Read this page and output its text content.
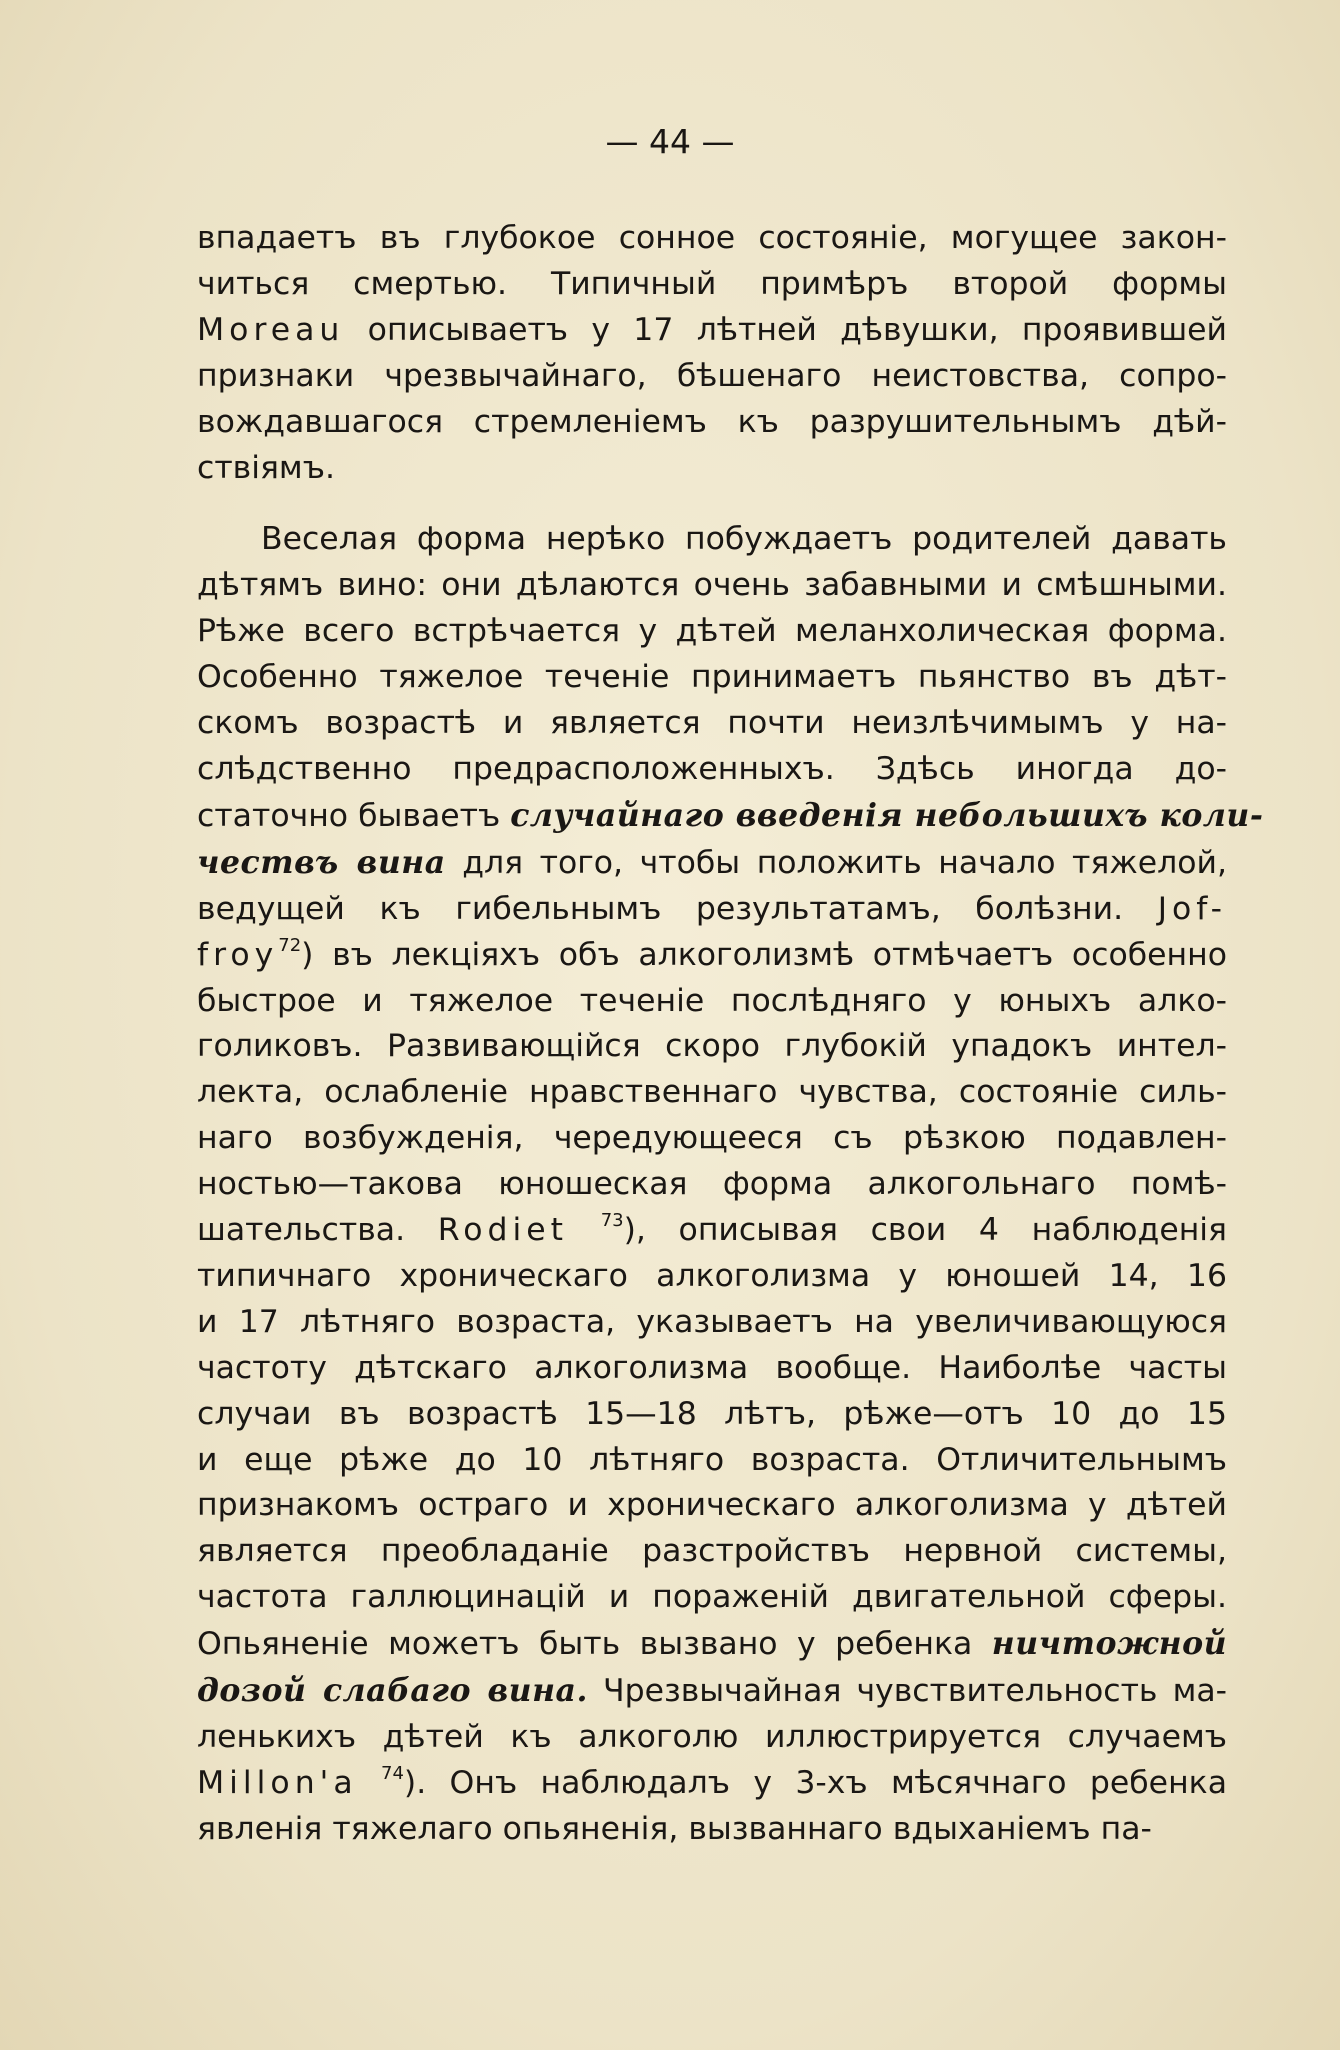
— 44 —
впадаетъ въ глубокое сонное состоянiе, могущее закон-
читься смертью. Типичный примѣръ второй формы
Moreau описываетъ у 17 лѣтней дѣвушки, проявившей
признаки чрезвычайнаго, бѣшенаго неистовства, сопро-
вождавшагося стремленiемъ къ разрушительнымъ дѣй-
ствiямъ.
Веселая форма нерѣко побуждаетъ родителей давать
дѣтямъ вино: они дѣлаются очень забавными и смѣшными.
Рѣже всего встрѣчается у дѣтей меланхолическая форма.
Особенно тяжелое теченiе принимаетъ пьянство въ дѣт-
скомъ возрастѣ и является почти неизлѣчимымъ у на-
слѣдственно предрасположенныхъ. Здѣсь иногда до-
статочно бываетъ случайнаго введенiя небольшихъ коли-
чествъ вина для того, чтобы положить начало тяжелой,
ведущей къ гибельнымъ результатамъ, болѣзни. Jof-
froy$^{72}$) въ лекцiяхъ объ алкоголизмѣ отмѣчаетъ особенно
быстрое и тяжелое теченiе послѣдняго у юныхъ алко-
голиковъ. Развивающiйся скоро глубокiй упадокъ интел-
лекта, ослабленiе нравственнаго чувства, состоянiе силь-
наго возбужденiя, чередующееся съ рѣзкою подавлен-
ностью—такова юношеская форма алкогольнаго помѣ-
шательства. Rodiet $^{73}$), описывая свои 4 наблюденiя
типичнаго хроническаго алкоголизма у юношей 14, 16
и 17 лѣтняго возраста, указываетъ на увеличивающуюся
частоту дѣтскаго алкоголизма вообще. Наиболѣе часты
случаи въ возрастѣ 15—18 лѣтъ, рѣже—отъ 10 до 15
и еще рѣже до 10 лѣтняго возраста. Отличительнымъ
признакомъ остраго и хроническаго алкоголизма у дѣтей
является преобладанiе разстройствъ нервной системы,
частота галлюцинацiй и пораженiй двигательной сферы.
Опьяненiе можетъ быть вызвано у ребенка ничтожной
дозой слабаго вина. Чрезвычайная чувствительность ма-
ленькихъ дѣтей къ алкоголю иллюстрируется случаемъ
Millon'a $^{74}$). Онъ наблюдалъ у 3-хъ мѣсячнаго ребенка
явленiя тяжелаго опьяненiя, вызваннаго вдыханiемъ па-
